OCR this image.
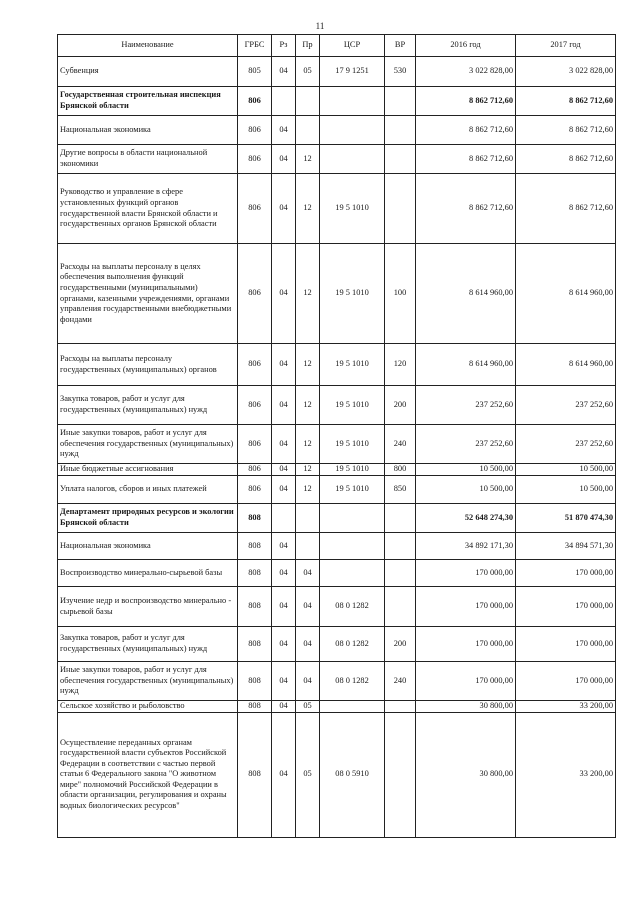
11
Наименование	ГРБС	Рз	Пр	ЦСР	ВР	2016 год	2017 год
Субвенция	805	04	05	17 9 1251	530	3 022 828,00	3 022 828,00
Государственная строительная инспекция Брянской области	806					8 862 712,60	8 862 712,60
Национальная экономика	806	04				8 862 712,60	8 862 712,60
Другие вопросы в области национальной экономики	806	04	12			8 862 712,60	8 862 712,60
Руководство и управление в сфере установленных функций органов государственной власти Брянской области и государственных органов Брянской области	806	04	12	19 5 1010		8 862 712,60	8 862 712,60
Расходы на выплаты персоналу в целях обеспечения выполнения функций государственными (муниципальными) органами, казенными учреждениями, органами управления государственными внебюджетными фондами	806	04	12	19 5 1010	100	8 614 960,00	8 614 960,00
Расходы на выплаты персоналу государственных (муниципальных) органов	806	04	12	19 5 1010	120	8 614 960,00	8 614 960,00
Закупка товаров, работ и услуг для государственных (муниципальных) нужд	806	04	12	19 5 1010	200	237 252,60	237 252,60
Иные закупки товаров, работ и услуг для обеспечения государственных (муниципальных) нужд	806	04	12	19 5 1010	240	237 252,60	237 252,60
Иные бюджетные ассигнования	806	04	12	19 5 1010	800	10 500,00	10 500,00
Уплата налогов, сборов и иных платежей	806	04	12	19 5 1010	850	10 500,00	10 500,00
Департамент природных ресурсов и экологии Брянской области	808					52 648 274,30	51 870 474,30
Национальная экономика	808	04				34 892 171,30	34 894 571,30
Воспроизводство минерально-сырьевой базы	808	04	04			170 000,00	170 000,00
Изучение недр и воспроизводство минерально - сырьевой базы	808	04	04	08 0 1282		170 000,00	170 000,00
Закупка товаров, работ и услуг для государственных (муниципальных) нужд	808	04	04	08 0 1282	200	170 000,00	170 000,00
Иные закупки товаров, работ и услуг для обеспечения государственных (муниципальных) нужд	808	04	04	08 0 1282	240	170 000,00	170 000,00
Сельское хозяйство и рыболовство	808	04	05			30 800,00	33 200,00
Осуществление переданных органам государственной власти субъектов Российской Федерации в соответствии с частью первой статьи 6 Федерального закона "О животном мире" полномочий Российской Федерации в области организации, регулирования и охраны водных биологических ресурсов"	808	04	05	08 0 5910		30 800,00	33 200,00
